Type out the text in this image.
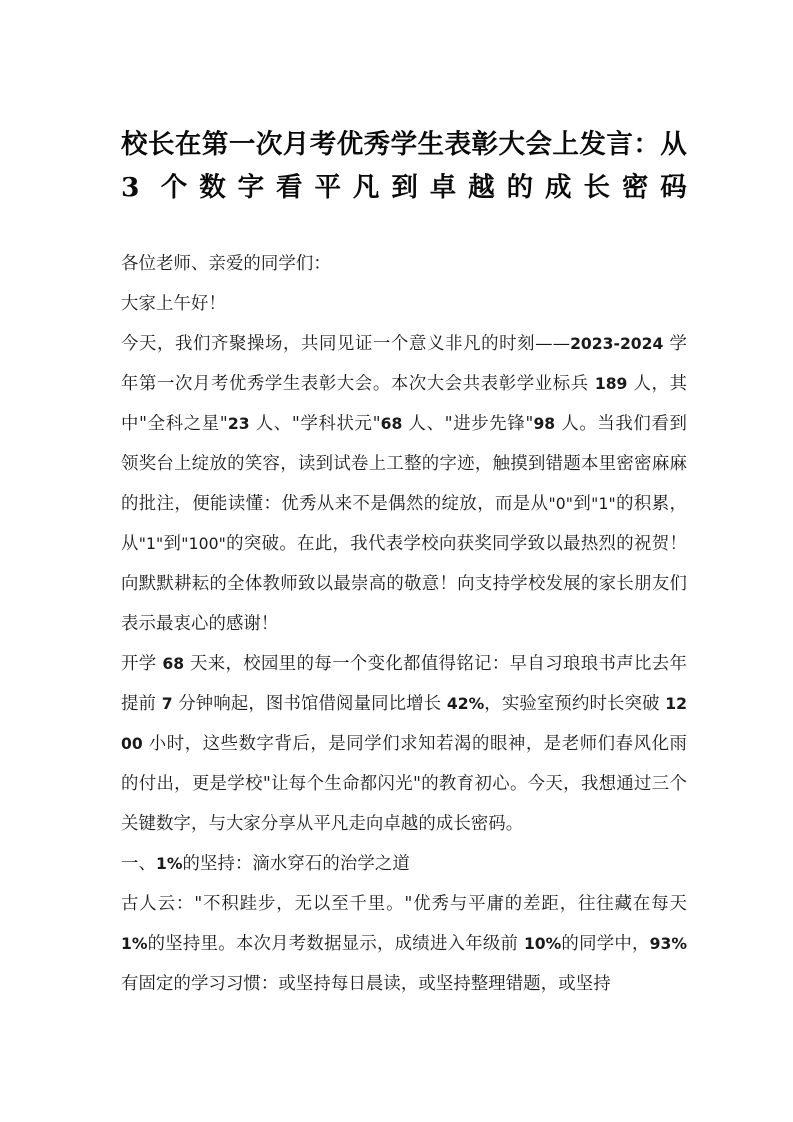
校长在第一次月考优秀学生表彰大会上发言：从 3 个数字看平凡到卓越的成长密码

各位老师、亲爱的同学们：

大家上午好！

今天，我们齐聚操场，共同见证一个意义非凡的时刻——2023-2024 学年第一次月考优秀学生表彰大会。本次大会共表彰学业标兵 189 人，其中"全科之星"23 人、"学科状元"68 人、"进步先锋"98 人。当我们看到领奖台上绽放的笑容，读到试卷上工整的字迹，触摸到错题本里密密麻麻的批注，便能读懂：优秀从来不是偶然的绽放，而是从"0"到"1"的积累，从"1"到"100"的突破。在此，我代表学校向获奖同学致以最热烈的祝贺！向默默耕耘的全体教师致以最崇高的敬意！向支持学校发展的家长朋友们表示最衷心的感谢！

开学 68 天来，校园里的每一个变化都值得铭记：早自习琅琅书声比去年提前 7 分钟响起，图书馆借阅量同比增长 42%，实验室预约时长突破 1200 小时，这些数字背后，是同学们求知若渴的眼神，是老师们春风化雨的付出，更是学校"让每个生命都闪光"的教育初心。今天，我想通过三个关键数字，与大家分享从平凡走向卓越的成长密码。

一、1%的坚持：滴水穿石的治学之道

古人云："不积跬步，无以至千里。"优秀与平庸的差距，往往藏在每天 1%的坚持里。本次月考数据显示，成绩进入年级前 10%的同学中，93%有固定的学习习惯：或坚持每日晨读，或坚持整理错题，或坚持
